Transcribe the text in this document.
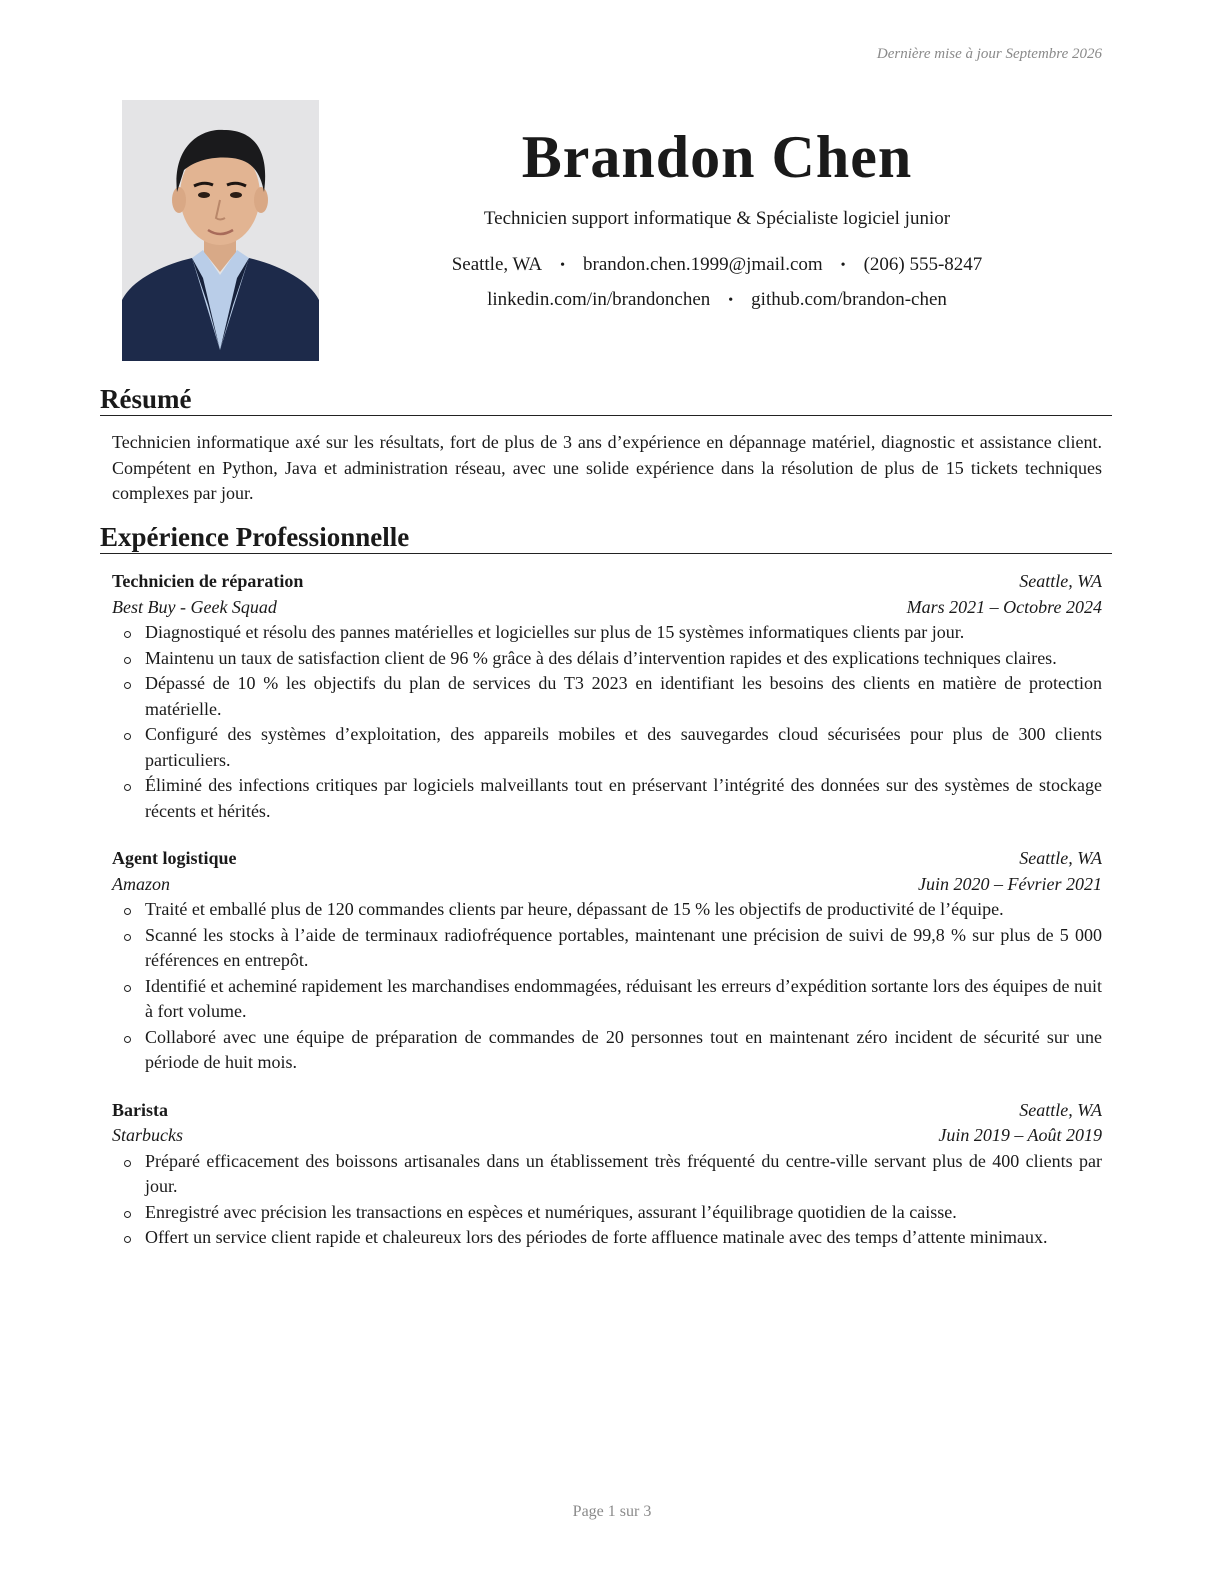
Dernière mise à jour Septembre 2026
Brandon Chen
Technicien support informatique & Spécialiste logiciel junior
Seattle, WA • brandon.chen.1999@jmail.com • (206) 555-8247
linkedin.com/in/brandonchen • github.com/brandon-chen
Résumé
Technicien informatique axé sur les résultats, fort de plus de 3 ans d’expérience en dépannage matériel, diagnostic et assistance client. Compétent en Python, Java et administration réseau, avec une solide expérience dans la résolution de plus de 15 tickets techniques complexes par jour.
Expérience Professionnelle
Technicien de réparation	Seattle, WA
Best Buy - Geek Squad	Mars 2021 – Octobre 2024
Diagnostiqué et résolu des pannes matérielles et logicielles sur plus de 15 systèmes informatiques clients par jour.
Maintenu un taux de satisfaction client de 96 % grâce à des délais d’intervention rapides et des explications techniques claires.
Dépassé de 10 % les objectifs du plan de services du T3 2023 en identifiant les besoins des clients en matière de protection matérielle.
Configuré des systèmes d’exploitation, des appareils mobiles et des sauvegardes cloud sécurisées pour plus de 300 clients particuliers.
Éliminé des infections critiques par logiciels malveillants tout en préservant l’intégrité des données sur des systèmes de stockage récents et hérités.
Agent logistique	Seattle, WA
Amazon	Juin 2020 – Février 2021
Traité et emballé plus de 120 commandes clients par heure, dépassant de 15 % les objectifs de productivité de l’équipe.
Scanné les stocks à l’aide de terminaux radiofréquence portables, maintenant une précision de suivi de 99,8 % sur plus de 5 000 références en entrepôt.
Identifié et acheminé rapidement les marchandises endommagées, réduisant les erreurs d’expédition sortante lors des équipes de nuit à fort volume.
Collaboré avec une équipe de préparation de commandes de 20 personnes tout en maintenant zéro incident de sécurité sur une période de huit mois.
Barista	Seattle, WA
Starbucks	Juin 2019 – Août 2019
Préparé efficacement des boissons artisanales dans un établissement très fréquenté du centre-ville servant plus de 400 clients par jour.
Enregistré avec précision les transactions en espèces et numériques, assurant l’équilibrage quotidien de la caisse.
Offert un service client rapide et chaleureux lors des périodes de forte affluence matinale avec des temps d’attente minimaux.
Page 1 sur 3
